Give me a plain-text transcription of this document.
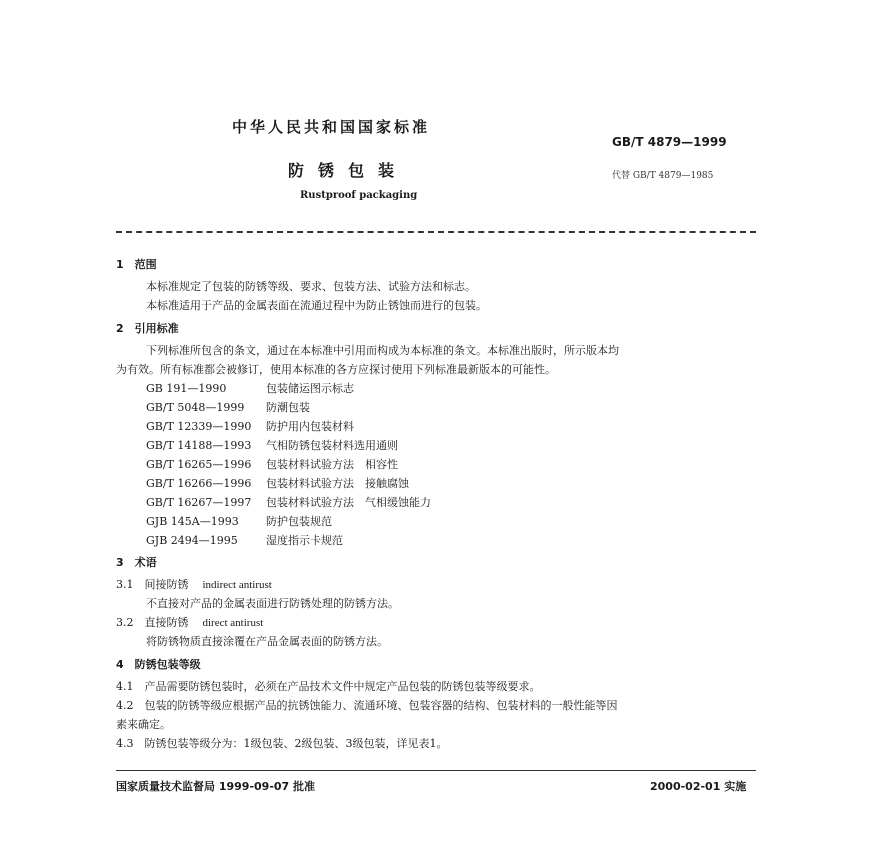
中华人民共和国国家标准
GB/T 4879—1999
防锈包装	代替 GB/T 4879—1985
Rustproof packaging
1　范围
本标准规定了包装的防锈等级、要求、包装方法、试验方法和标志。
本标准适用于产品的金属表面在流通过程中为防止锈蚀而进行的包装。
2　引用标准
下列标准所包含的条文，通过在本标准中引用而构成为本标准的条文。本标准出版时，所示版本均
为有效。所有标准都会被修订，使用本标准的各方应探讨使用下列标准最新版本的可能性。
GB 191—1990	包装储运图示标志
GB/T 5048—1999 防潮包装
GB/T 12339—1990 防护用内包装材料
GB/T 14188—1993 气相防锈包装材料选用通则
GB/T 16265—1996 包装材料试验方法　相容性
GB/T 16266—1996 包装材料试验方法　接触腐蚀
GB/T 16267—1997 包装材料试验方法　气相缓蚀能力
GJB 145A—1993 防护包装规范
GJB 2494—1995	湿度指示卡规范
3　术语
3.1　间接防锈 indirect antirust
不直接对产品的金属表面进行防锈处理的防锈方法。
3.2　直接防锈 direct antirust
将防锈物质直接涂覆在产品金属表面的防锈方法。
4　防锈包装等级
4.1　产品需要防锈包装时，必须在产品技术文件中规定产品包装的防锈包装等级要求。
4.2　包装的防锈等级应根据产品的抗锈蚀能力、流通环境、包装容器的结构、包装材料的一般性能等因
素来确定。
4.3　防锈包装等级分为：1级包装、2级包装、3级包装，详见表1。
国家质量技术监督局 1999-09-07 批准	2000-02-01 实施
